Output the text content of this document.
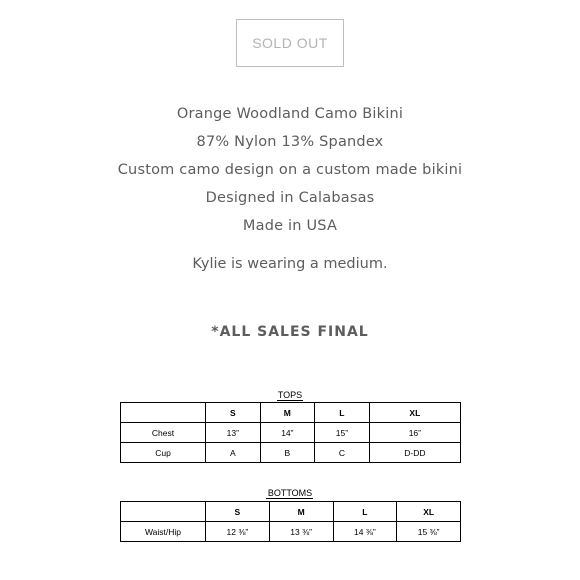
SOLD OUT
Orange Woodland Camo Bikini
87% Nylon 13% Spandex
Custom camo design on a custom made bikini
Designed in Calabasas
Made in USA
Kylie is wearing a medium.
*ALL SALES FINAL
TOPS
	S	M	L	XL
Chest	13”	14”	15”	16”
Cup	A	B	C	D-DD
BOTTOMS
	S	M	L	XL
Waist/Hip	12 ⅜”	13 ⅜”	14 ⅜”	15 ⅜”
